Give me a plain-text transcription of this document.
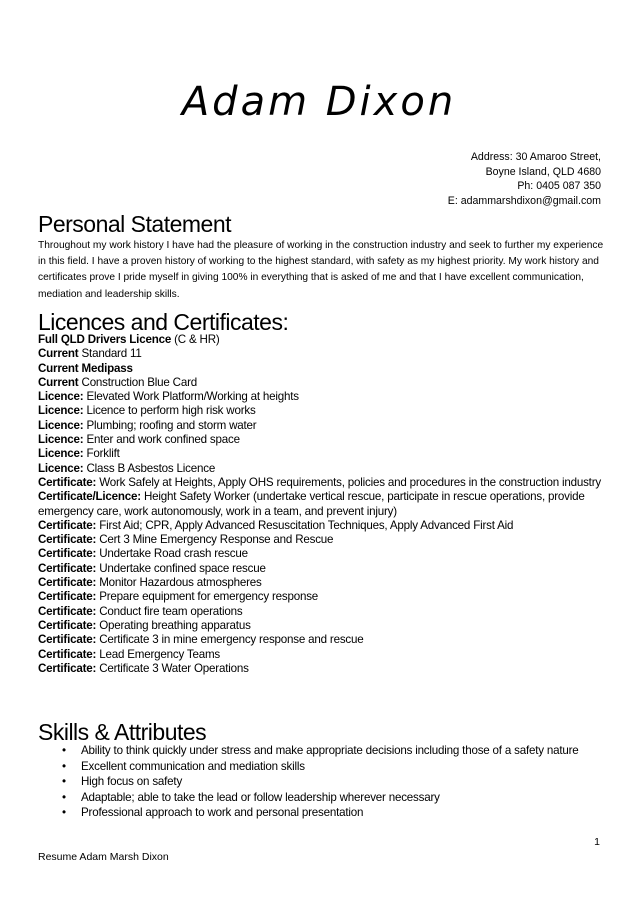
Adam Dixon
Address: 30 Amaroo Street,
Boyne Island, QLD 4680
Ph: 0405 087 350
E: adammarshdixon@gmail.com
Personal Statement
Throughout my work history I have had the pleasure of working in the construction industry and seek to further my experience in this field. I have a proven history of working to the highest standard, with safety as my highest priority. My work history and certificates prove I pride myself in giving 100% in everything that is asked of me and that I have excellent communication, mediation and leadership skills.
Licences and Certificates:
Full QLD Drivers Licence (C & HR)
Current Standard 11
Current Medipass
Current Construction Blue Card
Licence: Elevated Work Platform/Working at heights
Licence: Licence to perform high risk works
Licence: Plumbing; roofing and storm water
Licence: Enter and work confined space
Licence: Forklift
Licence: Class B Asbestos Licence
Certificate: Work Safely at Heights, Apply OHS requirements, policies and procedures in the construction industry
Certificate/Licence: Height Safety Worker (undertake vertical rescue, participate in rescue operations, provide emergency care, work autonomously, work in a team, and prevent injury)
Certificate: First Aid; CPR, Apply Advanced Resuscitation Techniques, Apply Advanced First Aid
Certificate: Cert 3 Mine Emergency Response and Rescue
Certificate: Undertake Road crash rescue
Certificate: Undertake confined space rescue
Certificate: Monitor Hazardous atmospheres
Certificate: Prepare equipment for emergency response
Certificate: Conduct fire team operations
Certificate: Operating breathing apparatus
Certificate: Certificate 3 in mine emergency response and rescue
Certificate: Lead Emergency Teams
Certificate: Certificate 3 Water Operations
Skills & Attributes
• Ability to think quickly under stress and make appropriate decisions including those of a safety nature
• Excellent communication and mediation skills
• High focus on safety
• Adaptable; able to take the lead or follow leadership wherever necessary
• Professional approach to work and personal presentation
1
Resume Adam Marsh Dixon
